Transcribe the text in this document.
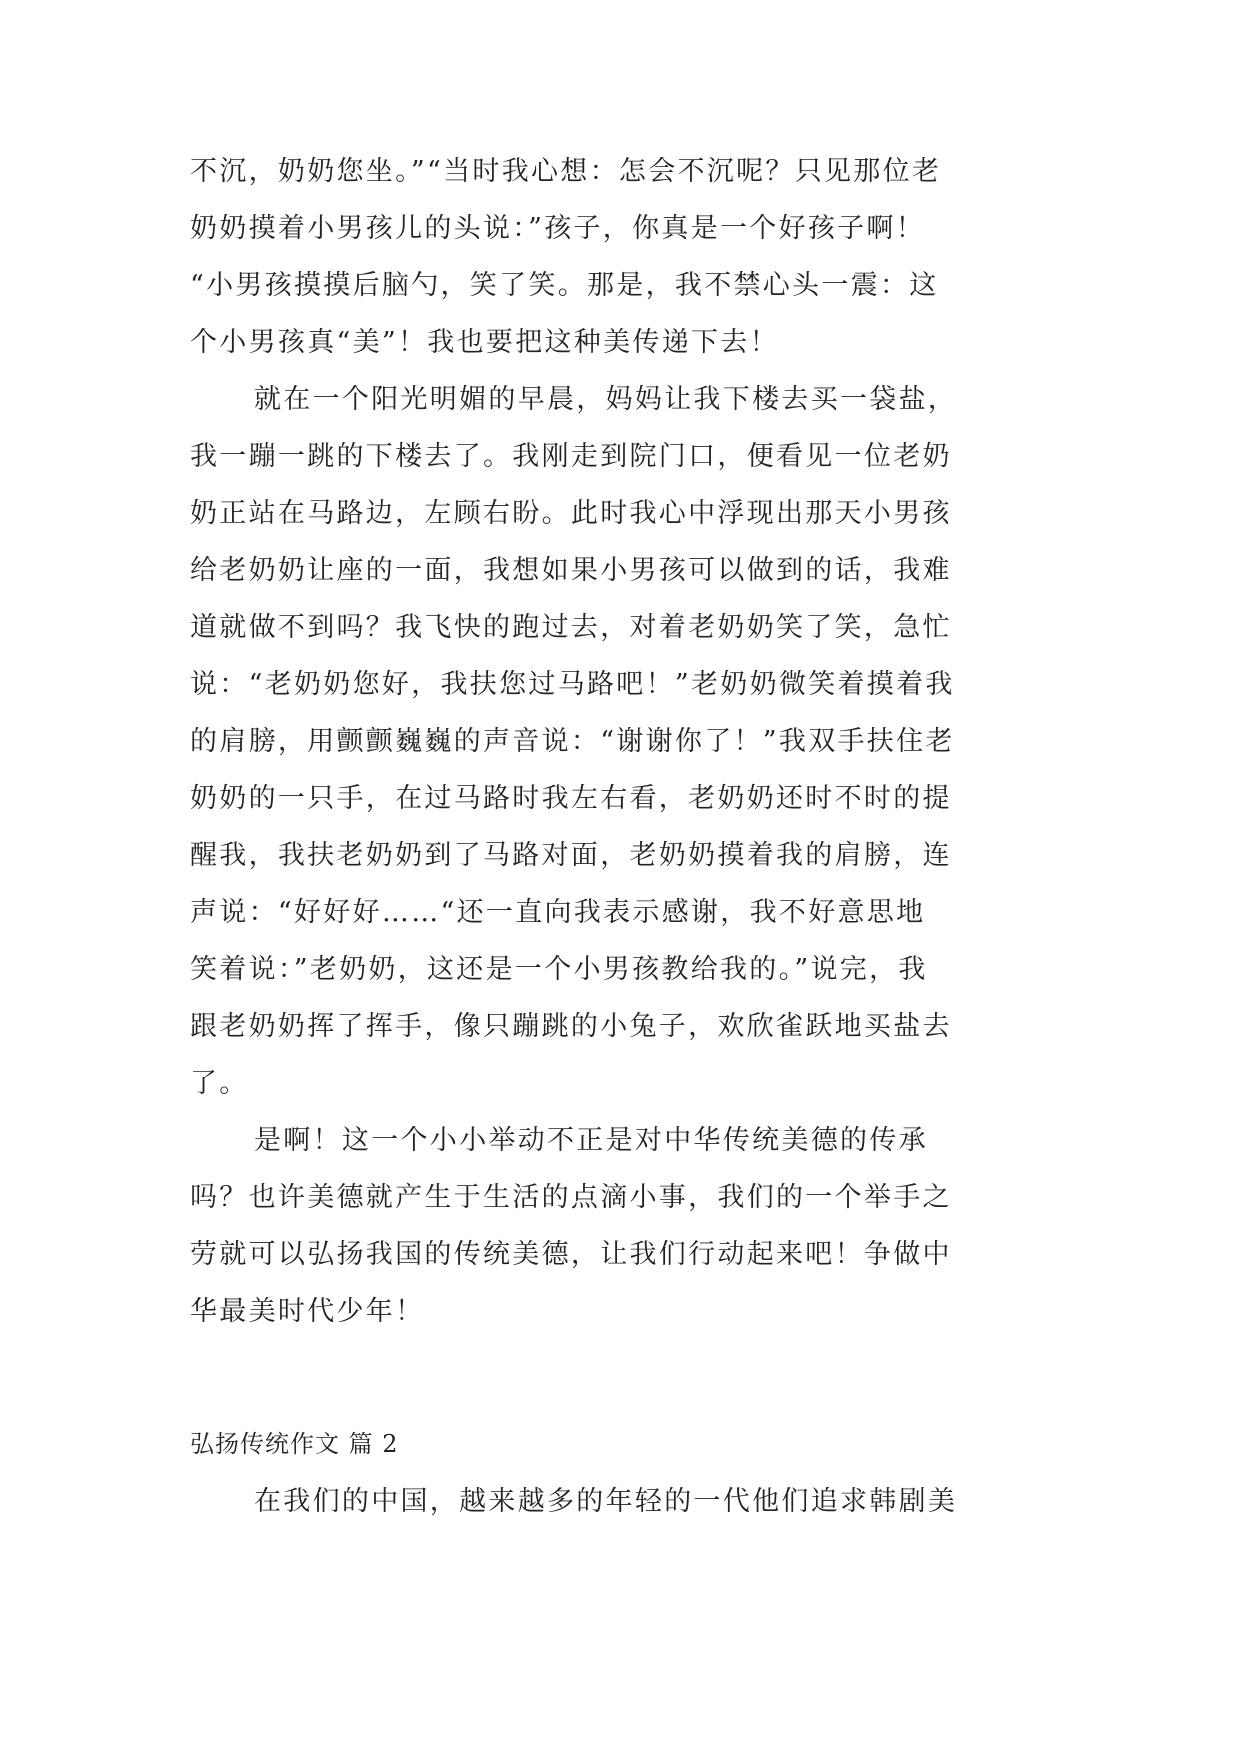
不沉，奶奶您坐。”“当时我心想：怎会不沉呢？只见那位老
奶奶摸着小男孩儿的头说：”孩子，你真是一个好孩子啊！
“小男孩摸摸后脑勺，笑了笑。那是，我不禁心头一震：这
个小男孩真“美”！我也要把这种美传递下去！
就在一个阳光明媚的早晨，妈妈让我下楼去买一袋盐，
我一蹦一跳的下楼去了。我刚走到院门口，便看见一位老奶
奶正站在马路边，左顾右盼。此时我心中浮现出那天小男孩
给老奶奶让座的一面，我想如果小男孩可以做到的话，我难
道就做不到吗？我飞快的跑过去，对着老奶奶笑了笑，急忙
说：“老奶奶您好，我扶您过马路吧！”老奶奶微笑着摸着我
的肩膀，用颤颤巍巍的声音说：“谢谢你了！”我双手扶住老
奶奶的一只手，在过马路时我左右看，老奶奶还时不时的提
醒我，我扶老奶奶到了马路对面，老奶奶摸着我的肩膀，连
声说：“好好好……“还一直向我表示感谢，我不好意思地
笑着说：”老奶奶，这还是一个小男孩教给我的。”说完，我
跟老奶奶挥了挥手，像只蹦跳的小兔子，欢欣雀跃地买盐去
了。
是啊！这一个小小举动不正是对中华传统美德的传承
吗？也许美德就产生于生活的点滴小事，我们的一个举手之
劳就可以弘扬我国的传统美德，让我们行动起来吧！争做中
华最美时代少年！
弘扬传统作文 篇 2
在我们的中国，越来越多的年轻的一代他们追求韩剧美
